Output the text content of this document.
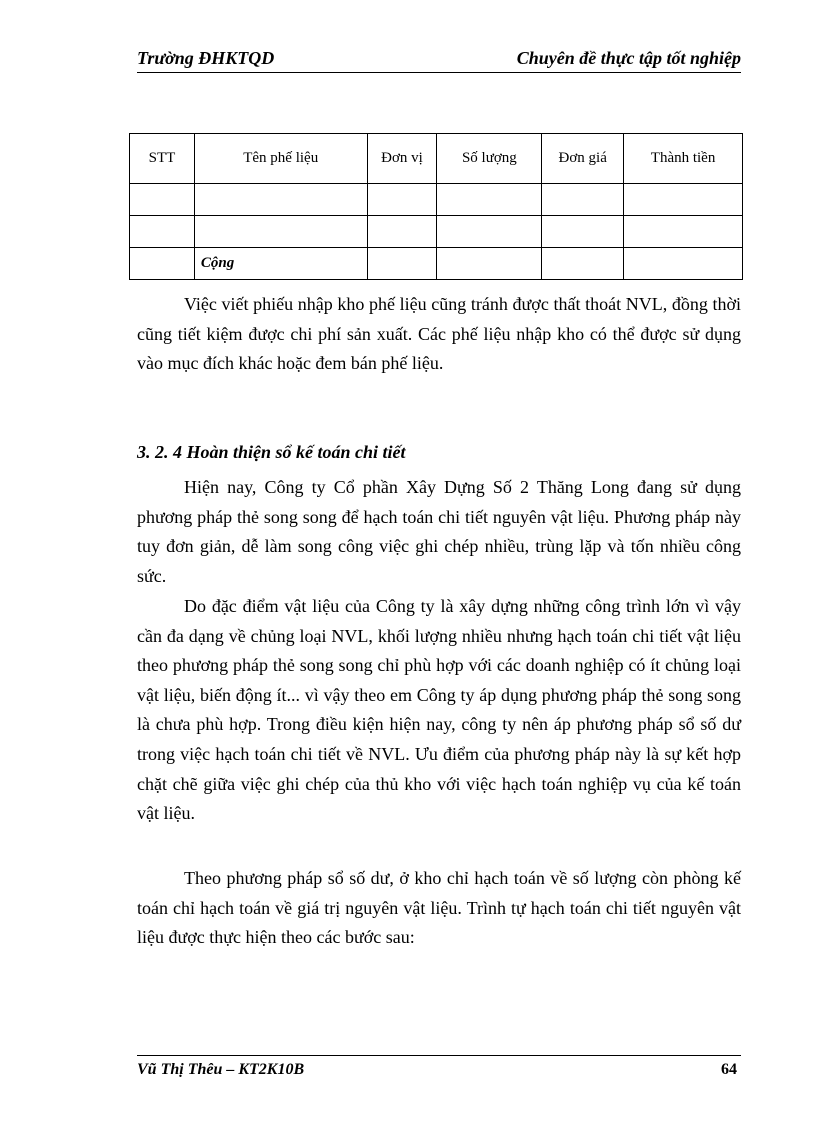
Trường ĐHKTQD	Chuyên đề thực tập tốt nghiệp
STT	Tên phế liệu	Đơn vị	Số lượng	Đơn giá	Thành tiền

	Cộng				

Việc viết phiếu nhập kho phế liệu cũng tránh được thất thoát NVL, đồng thời cũng tiết kiệm được chi phí sản xuất. Các phế liệu nhập kho có thể được sử dụng vào mục đích khác hoặc đem bán phế liệu.

3. 2. 4 Hoàn thiện sổ kế toán chi tiết

Hiện nay, Công ty Cổ phần Xây Dựng Số 2 Thăng Long đang sử dụng phương pháp thẻ song song để hạch toán chi tiết nguyên vật liệu. Phương pháp này tuy đơn giản, dễ làm song công việc ghi chép nhiều, trùng lặp và tốn nhiều công sức.

Do đặc điểm vật liệu của Công ty là xây dựng những công trình lớn vì vậy cần đa dạng về chủng loại NVL, khối lượng nhiều nhưng hạch toán chi tiết vật liệu theo phương pháp thẻ song song chỉ phù hợp với các doanh nghiệp có ít chủng loại vật liệu, biến động ít... vì vậy theo em Công ty áp dụng phương pháp thẻ song song là chưa phù hợp. Trong điều kiện hiện nay, công ty nên áp phương pháp sổ số dư trong việc hạch toán chi tiết về NVL. Ưu điểm của phương pháp này là sự kết hợp chặt chẽ giữa việc ghi chép của thủ kho với việc hạch toán nghiệp vụ của kế toán vật liệu.

Theo phương pháp sổ số dư, ở kho chỉ hạch toán về số lượng còn phòng kế toán chỉ hạch toán về giá trị nguyên vật liệu. Trình tự hạch toán chi tiết nguyên vật liệu được thực hiện theo các bước sau:

Vũ Thị Thêu – KT2K10B	64
